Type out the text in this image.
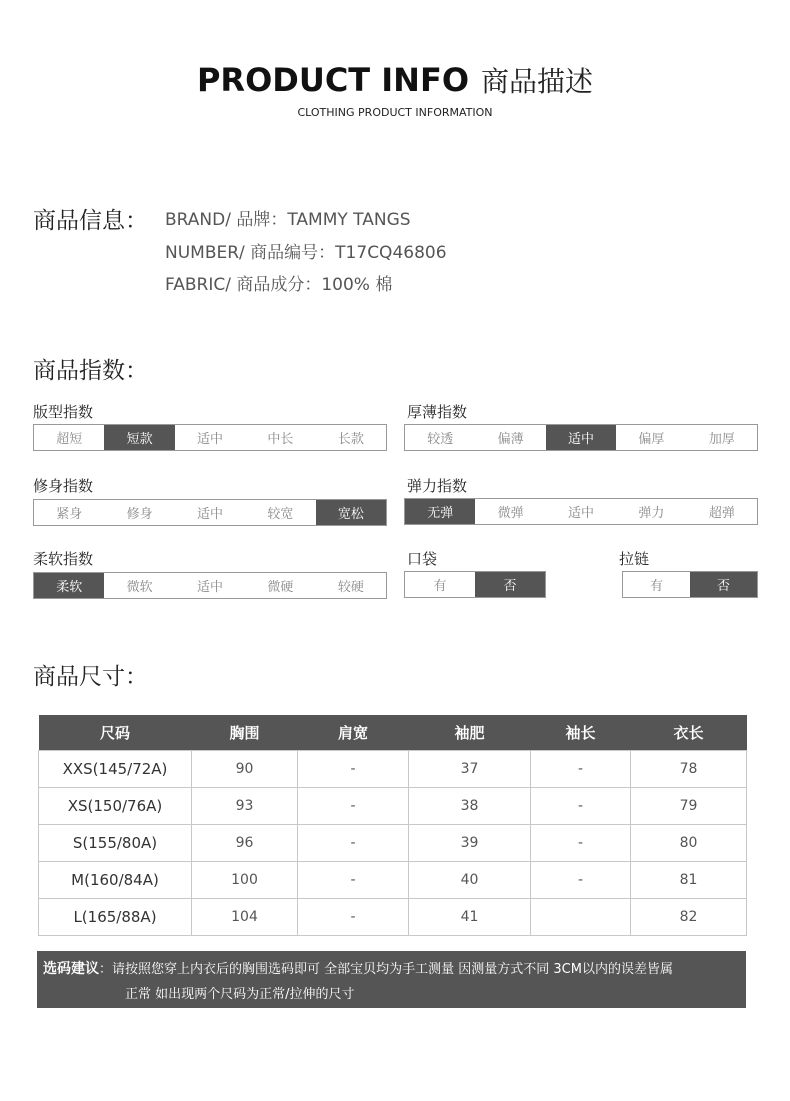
PRODUCT INFO 商品描述
CLOTHING PRODUCT INFORMATION
商品信息： BRAND/ 品牌：TAMMY TANGS
NUMBER/ 商品编号：T17CQ46806
FABRIC/ 商品成分：100% 棉
商品指数：
版型指数
超短	短款	适中	中长	长款
厚薄指数
较透	偏薄	适中	偏厚	加厚
修身指数
紧身	修身	适中	较宽	宽松
弹力指数
无弹	微弹	适中	弹力	超弹
柔软指数
柔软	微软	适中	微硬	较硬
口袋
有	否
拉链
有	否
商品尺寸：
尺码	胸围	肩宽	袖肥	袖长	衣长
XXS(145/72A)	90	-	37	-	78
XS(150/76A)	93	-	38	-	79
S(155/80A)	96	-	39	-	80
M(160/84A)	100	-	40	-	81
L(165/88A)	104	-	41		82
选码建议：请按照您穿上内衣后的胸围选码即可 全部宝贝均为手工测量 因测量方式不同 3CM以内的误差皆属
正常 如出现两个尺码为正常/拉伸的尺寸
